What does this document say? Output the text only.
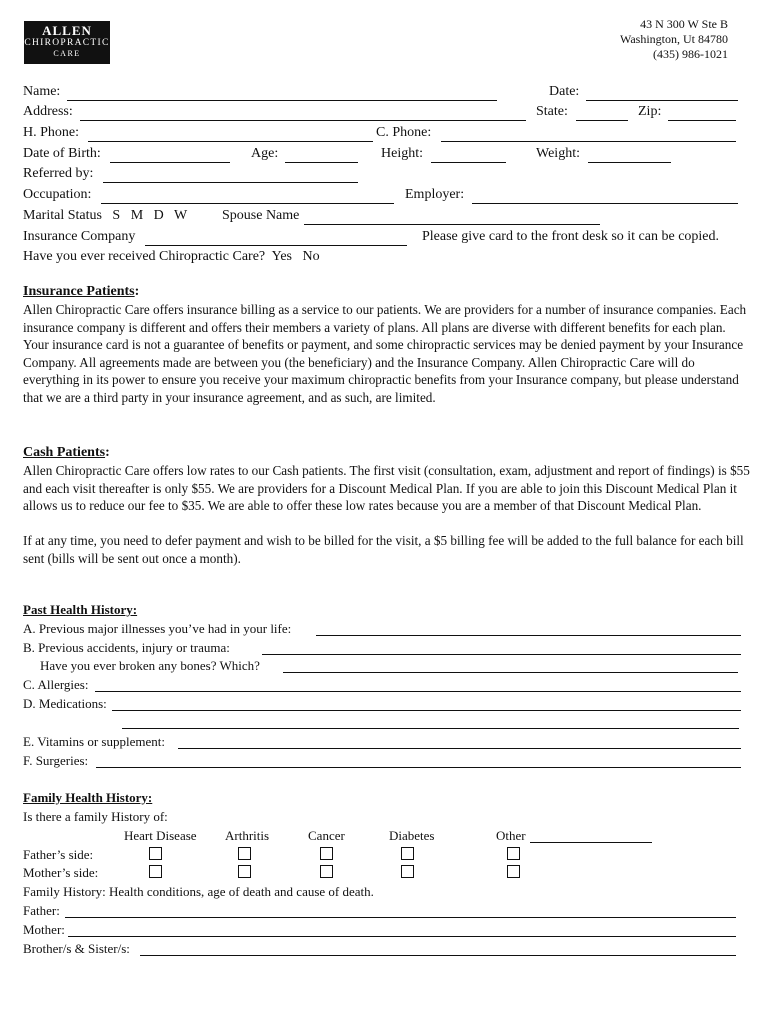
ALLEN
CHIROPRACTIC
CARE
43 N 300 W Ste B
Washington, Ut 84780
(435) 986-1021
Name:	Date:
Address:	State:	Zip:
H. Phone:	C. Phone:
Date of Birth:	Age:	Height:	Weight:
Referred by:
Occupation:	Employer:
Marital Status   S   M   D   W Spouse Name
Insurance Company	Please give card to the front desk so it can be copied.
Have you ever received Chiropractic Care?  Yes   No
Insurance Patients:
Allen Chiropractic Care offers insurance billing as a service to our patients. We are providers for a number of insurance companies. Each insurance company is different and offers their members a variety of plans. All plans are diverse with different benefits for each plan. Your insurance card is not a guarantee of benefits or payment, and some chiropractic services may be denied payment by your Insurance Company. All agreements made are between you (the beneficiary) and the Insurance Company. Allen Chiropractic Care will do everything in its power to ensure you receive your maximum chiropractic benefits from your Insurance company, but please understand that we are a third party in your insurance agreement, and as such, are limited.
Cash Patients:
Allen Chiropractic Care offers low rates to our Cash patients. The first visit (consultation, exam, adjustment and report of findings) is $55 and each visit thereafter is only $55. We are providers for a Discount Medical Plan. If you are able to join this Discount Medical Plan it allows us to reduce our fee to $35. We are able to offer these low rates because you are a member of that Discount Medical Plan.
If at any time, you need to defer payment and wish to be billed for the visit, a $5 billing fee will be added to the full balance for each bill sent (bills will be sent out once a month).
Past Health History:
A. Previous major illnesses you’ve had in your life:
B. Previous accidents, injury or trauma:
Have you ever broken any bones? Which?
C. Allergies:
D. Medications:
E. Vitamins or supplement:
F. Surgeries:
Family Health History:
Is there a family History of:
Heart Disease Arthritis	Cancer	Diabetes	Other
Father’s side:
Mother’s side:
Family History: Health conditions, age of death and cause of death.
Father:
Mother:
Brother/s & Sister/s:
